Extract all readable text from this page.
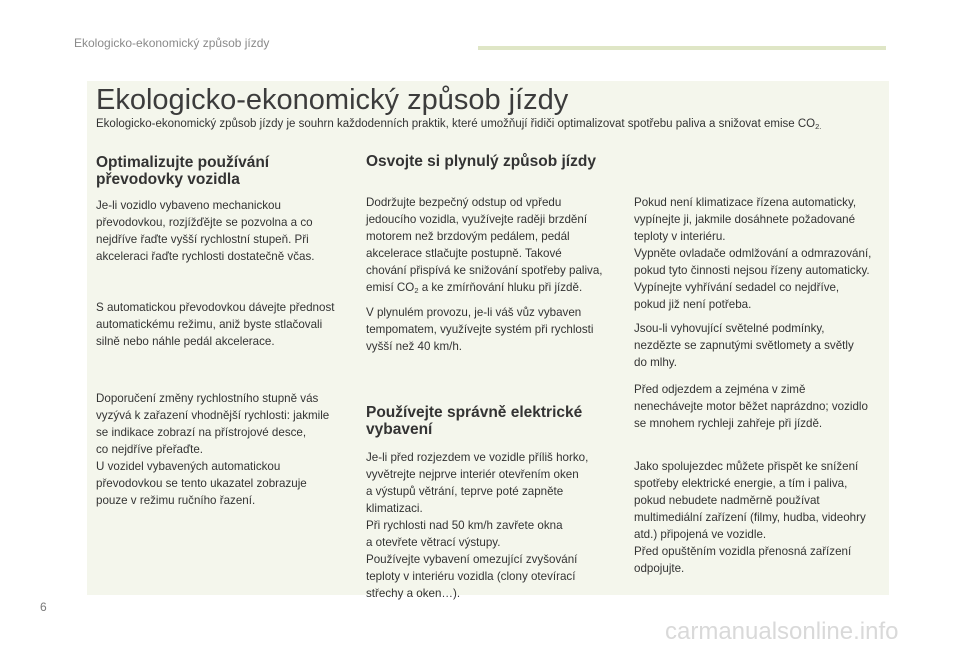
Ekologicko-ekonomický způsob jízdy
Ekologicko-ekonomický způsob jízdy
Ekologicko-ekonomický způsob jízdy je souhrn každodenních praktik, které umožňují řidiči optimalizovat spotřebu paliva a snižovat emise $CO_{2.}$
Optimalizujte používání převodovky vozidla
Je-li vozidlo vybaveno mechanickou
převodovkou, rozjížďějte se pozvolna a co
nejdříve řaďte vyšší rychlostní stupeň. Při
akceleraci řaďte rychlosti dostatečně včas.
S automatickou převodovkou dávejte přednost
automatickému režimu, aniž byste stlačovali
silně nebo náhle pedál akcelerace.
Doporučení změny rychlostního stupně vás
vyzývá k zařazení vhodnější rychlosti: jakmile
se indikace zobrazí na přístrojové desce,
co nejdříve přeřaďte.
U vozidel vybavených automatickou
převodovkou se tento ukazatel zobrazuje
pouze v režimu ručního řazení.
Osvojte si plynulý způsob jízdy
Dodržujte bezpečný odstup od vpředu
jedoucího vozidla, využívejte raději brzdění
motorem než brzdovým pedálem, pedál
akcelerace stlačujte postupně. Takové
chování přispívá ke snižování spotřeby paliva,
emisí $CO_2$ a ke zmírňování hluku při jízdě.
V plynulém provozu, je-li váš vůz vybaven
tempomatem, využívejte systém při rychlosti
vyšší než 40 km/h.
Používejte správně elektrické vybavení
Je-li před rozjezdem ve vozidle příliš horko,
vyvětrejte nejprve interiér otevřením oken
a výstupů větrání, teprve poté zapněte
klimatizaci.
Při rychlosti nad 50 km/h zavřete okna
a otevřete větrací výstupy.
Používejte vybavení omezující zvyšování
teploty v interiéru vozidla (clony otevírací
střechy a oken…).
Pokud není klimatizace řízena automaticky,
vypínejte ji, jakmile dosáhnete požadované
teploty v interiéru.
Vypněte ovladače odmlžování a odmrazování,
pokud tyto činnosti nejsou řízeny automaticky.
Vypínejte vyhřívání sedadel co nejdříve,
pokud již není potřeba.
Jsou-li vyhovující světelné podmínky,
nezdězte se zapnutými světlomety a světly
do mlhy.
Před odjezdem a zejména v zimě
nenechávejte motor běžet naprázdno; vozidlo
se mnohem rychleji zahřeje při jízdě.
Jako spolujezdec můžete přispět ke snížení
spotřeby elektrické energie, a tím i paliva,
pokud nebudete nadměrně používat
multimediální zařízení (filmy, hudba, videohry
atd.) připojená ve vozidle.
Před opuštěním vozidla přenosná zařízení
odpojujte.
6
carmanualsonline.info
